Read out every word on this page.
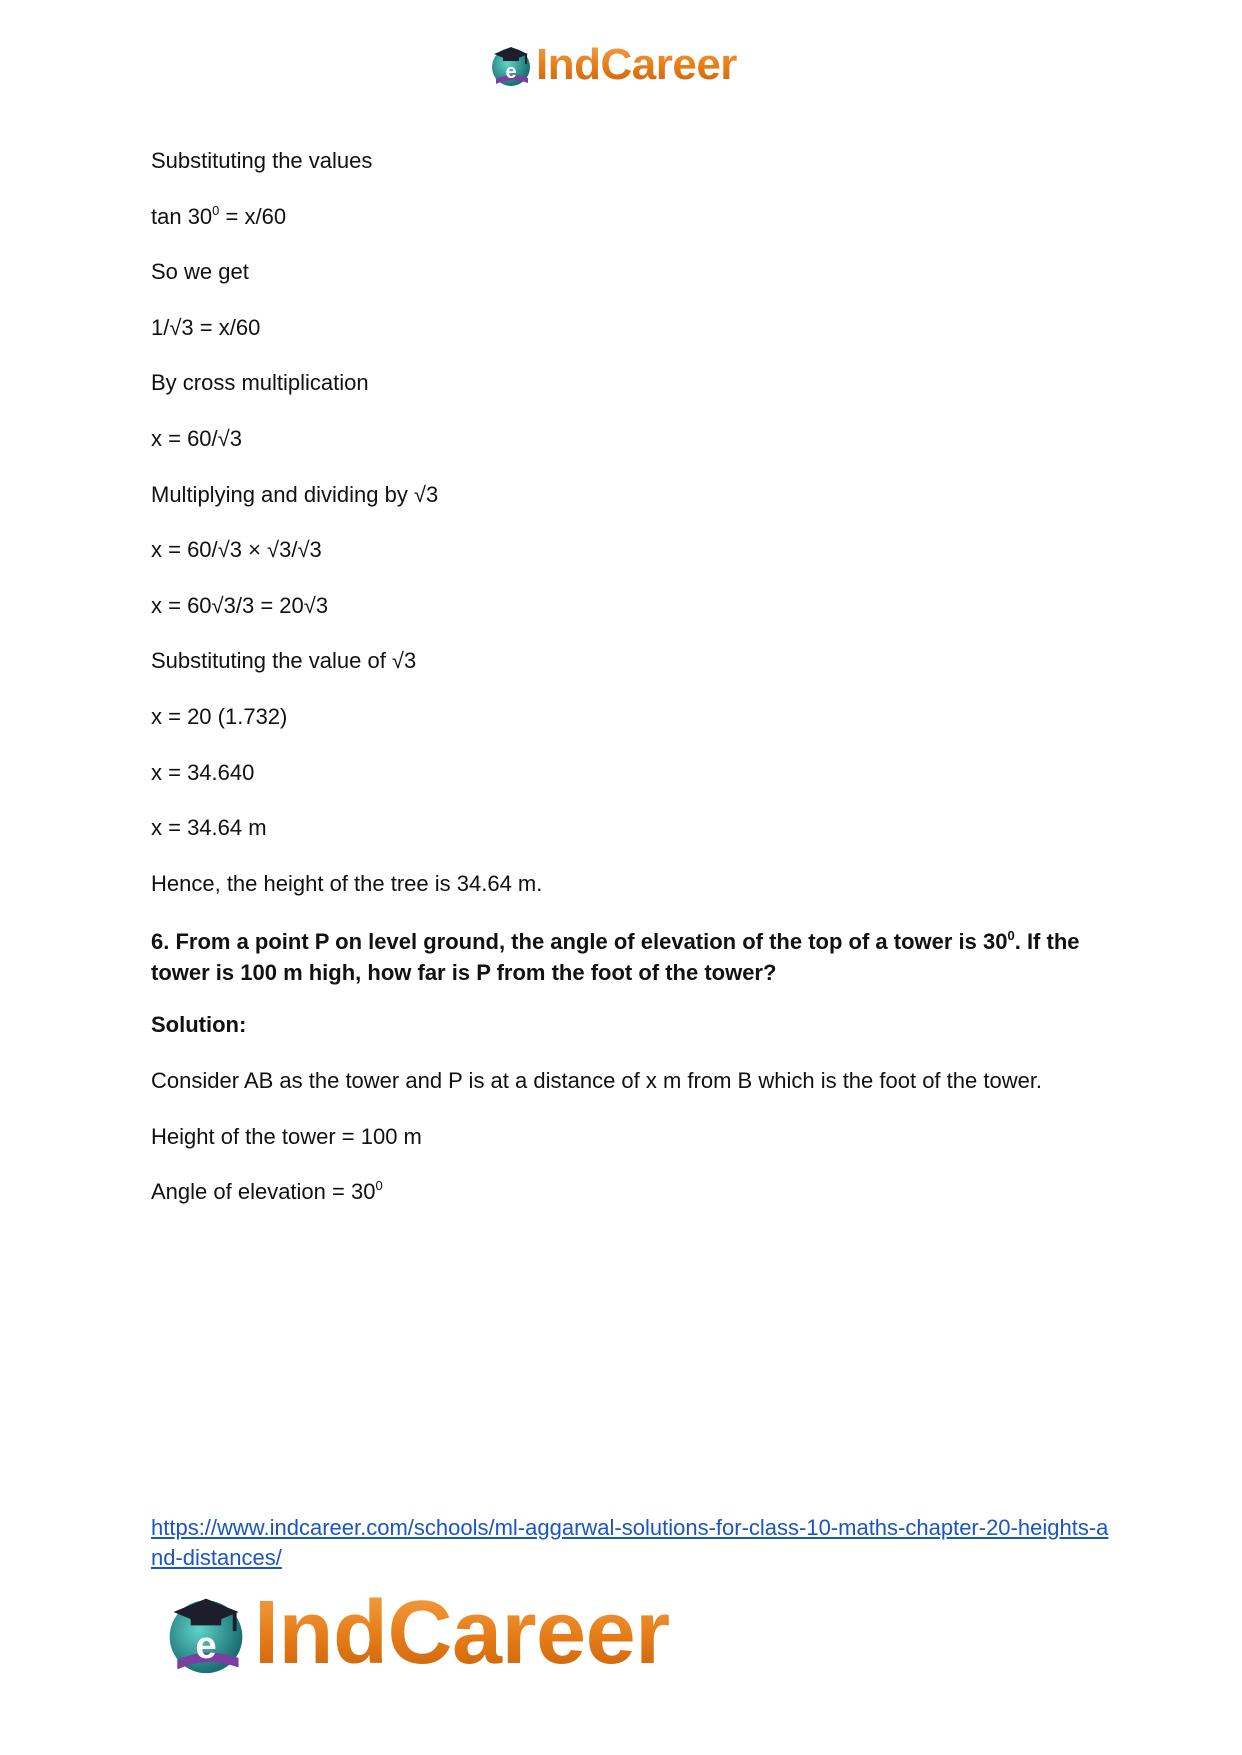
e IndCareer
Substituting the values
$\tan 30^0 = x/60$
So we get
1/√3 = x/60
By cross multiplication
x = 60/√3
Multiplying and dividing by √3
x = 60/√3 × √3/√3
x = 60√3/3 = 20√3
Substituting the value of √3
x = 20 (1.732)
x = 34.640
x = 34.64 m
Hence, the height of the tree is 34.64 m.
6. From a point P on level ground, the angle of elevation of the top of a tower is $30^0$. If the tower is 100 m high, how far is P from the foot of the tower?
Solution:
Consider AB as the tower and P is at a distance of x m from B which is the foot of the tower.
Height of the tower = 100 m
Angle of elevation = $30^0$
https://www.indcareer.com/schools/ml-aggarwal-solutions-for-class-10-maths-chapter-20-heights-and-distances/
e IndCareer
